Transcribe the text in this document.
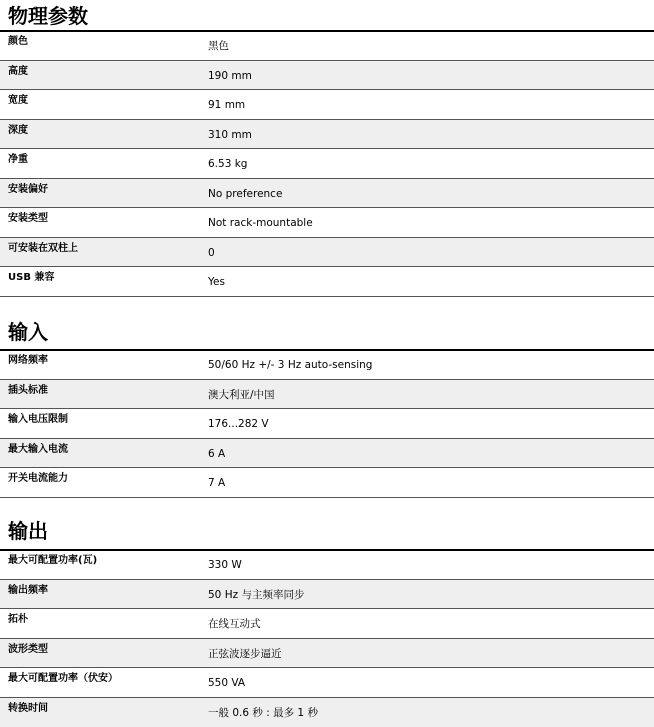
物理参数
颜色	黑色
高度	190 mm
宽度	91 mm
深度	310 mm
净重	6.53 kg
安装偏好	No preference
安装类型	Not rack-mountable
可安装在双柱上	0
USB 兼容	Yes
输入
网络频率	50/60 Hz +/- 3 Hz auto-sensing
插头标准	澳大利亚/中国
输入电压限制	176...282 V
最大输入电流	6 A
开关电流能力	7 A
输出
最大可配置功率(瓦)	330 W
输出频率	50 Hz 与主频率同步
拓朴	在线互动式
波形类型	正弦波逐步逼近
最大可配置功率（伏安）	550 VA
转换时间	一般 0.6 秒 : 最多 1 秒
